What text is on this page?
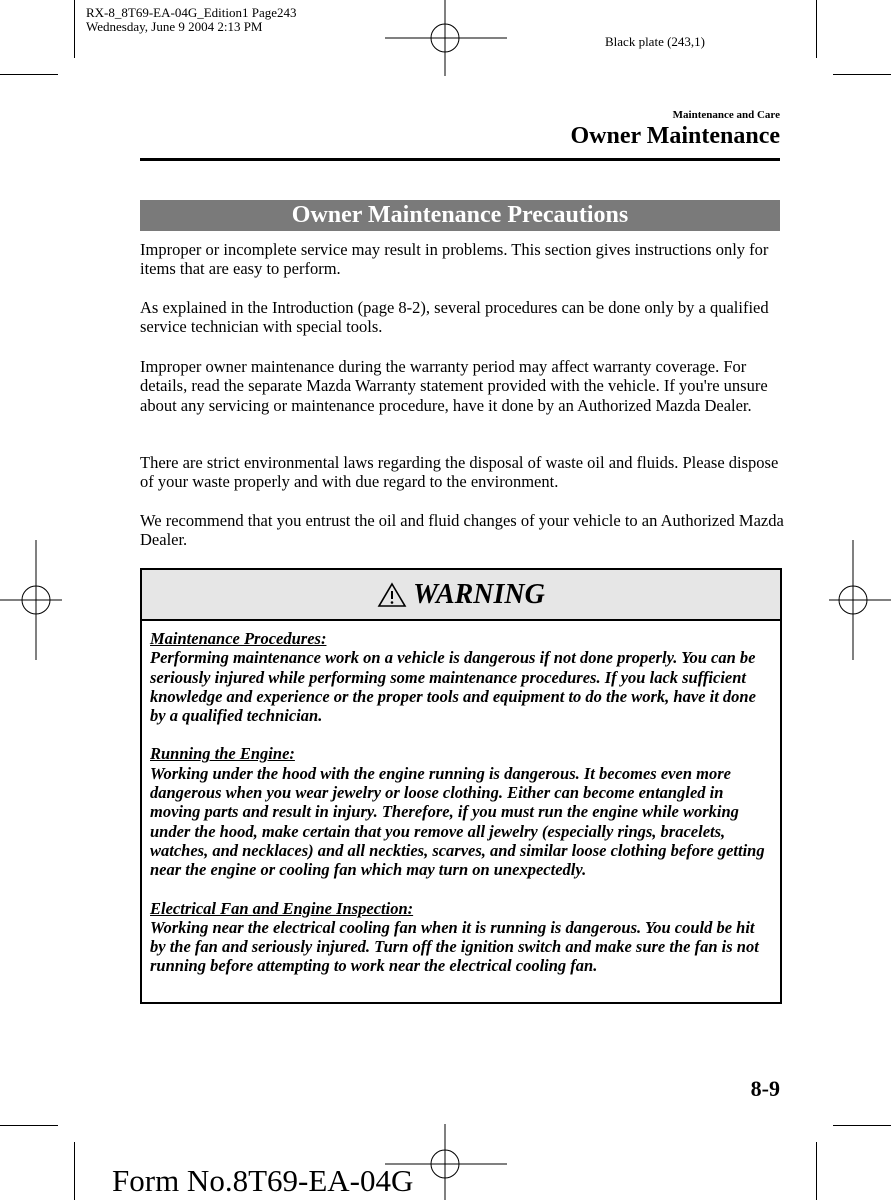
RX-8_8T69-EA-04G_Edition1 Page243
Wednesday, June 9 2004 2:13 PM
Black plate (243,1)
Maintenance and Care
Owner Maintenance
Owner Maintenance Precautions
Improper or incomplete service may result in problems. This section gives instructions only for items that are easy to perform.
As explained in the Introduction (page 8-2), several procedures can be done only by a qualified service technician with special tools.
Improper owner maintenance during the warranty period may affect warranty coverage. For details, read the separate Mazda Warranty statement provided with the vehicle. If you're unsure about any servicing or maintenance procedure, have it done by an Authorized Mazda Dealer.
There are strict environmental laws regarding the disposal of waste oil and fluids. Please dispose of your waste properly and with due regard to the environment.
We recommend that you entrust the oil and fluid changes of your vehicle to an Authorized Mazda Dealer.
WARNING
Maintenance Procedures:
Performing maintenance work on a vehicle is dangerous if not done properly. You can be seriously injured while performing some maintenance procedures. If you lack sufficient knowledge and experience or the proper tools and equipment to do the work, have it done by a qualified technician.
Running the Engine:
Working under the hood with the engine running is dangerous. It becomes even more dangerous when you wear jewelry or loose clothing. Either can become entangled in moving parts and result in injury. Therefore, if you must run the engine while working under the hood, make certain that you remove all jewelry (especially rings, bracelets, watches, and necklaces) and all neckties, scarves, and similar loose clothing before getting near the engine or cooling fan which may turn on unexpectedly.
Electrical Fan and Engine Inspection:
Working near the electrical cooling fan when it is running is dangerous. You could be hit by the fan and seriously injured. Turn off the ignition switch and make sure the fan is not running before attempting to work near the electrical cooling fan.
8-9
Form No.8T69-EA-04G
